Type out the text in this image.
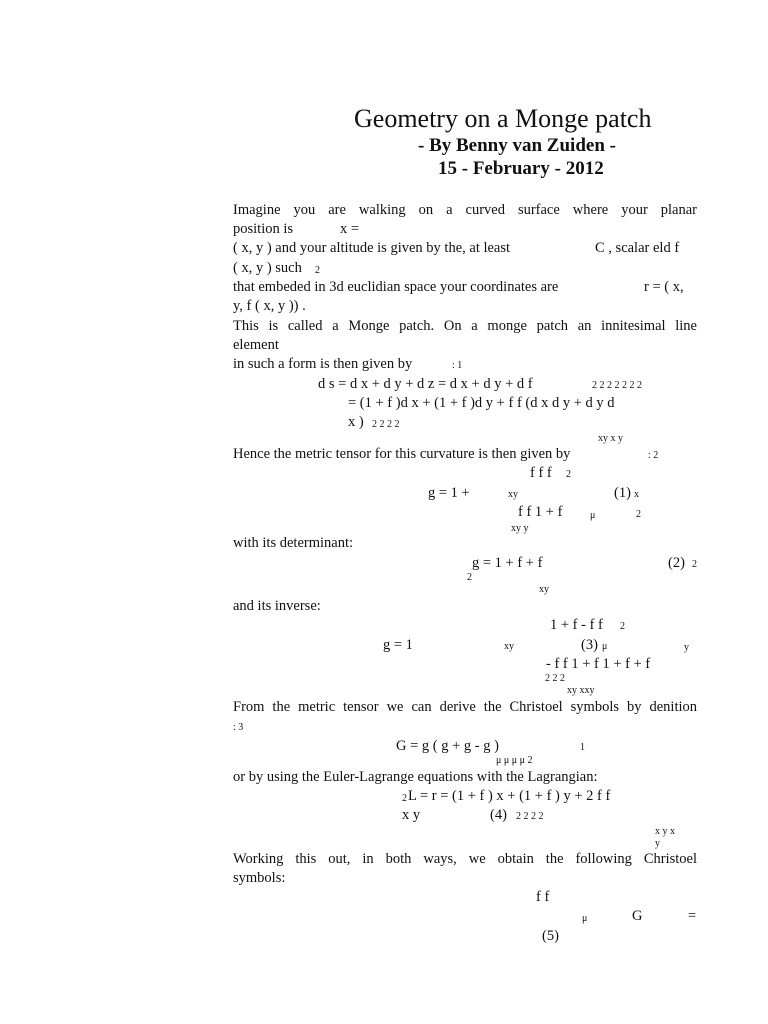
Geometry on a Monge patch
- By Benny van Zuiden -
15 - February - 2012
Imagine you are walking on a curved surface where your planar
position is	x =
( x, y ) and your altitude is given by the, at least	C , scalar eld f
( x, y ) such 2
that embeded in 3d euclidian space your coordinates are	r = ( x,
y, f ( x, y )) .
This is called a Monge patch. On a monge patch an innitesimal line
element
in such a form is then given by	: 1
d s = d x + d y + d z = d x + d y + d f	2 2 2 2 2 2 2
= (1 + f )d x + (1 + f )d y + f f (d x d y + d y d
x ) 2 2 2 2
xy x y
Hence the metric tensor for this curvature is then given by	: 2
f f f 2
g = 1 +	xy	(1) x
f f 1 + f	μ	2
xy y
with its determinant:
g = 1 + f + f	(2) 2
2
xy
and its inverse:
1 + f - f f 2
g = 1	xy	(3) μ	y
- f f 1 + f 1 + f + f
2 2 2
xy xxy
From the metric tensor we can derive the Christoel symbols by denition
: 3
G = g ( g + g - g )	1
μ μ μ μ 2
or by using the Euler-Lagrange equations with the Lagrangian:
L = r = (1 + f ) x + (1 + f ) y + 2 f f
2
x y	(4) 2 2 2 2
x y x
y
Working this out, in both ways, we obtain the following Christoel
symbols:
f f
μ	G	=
(5)
